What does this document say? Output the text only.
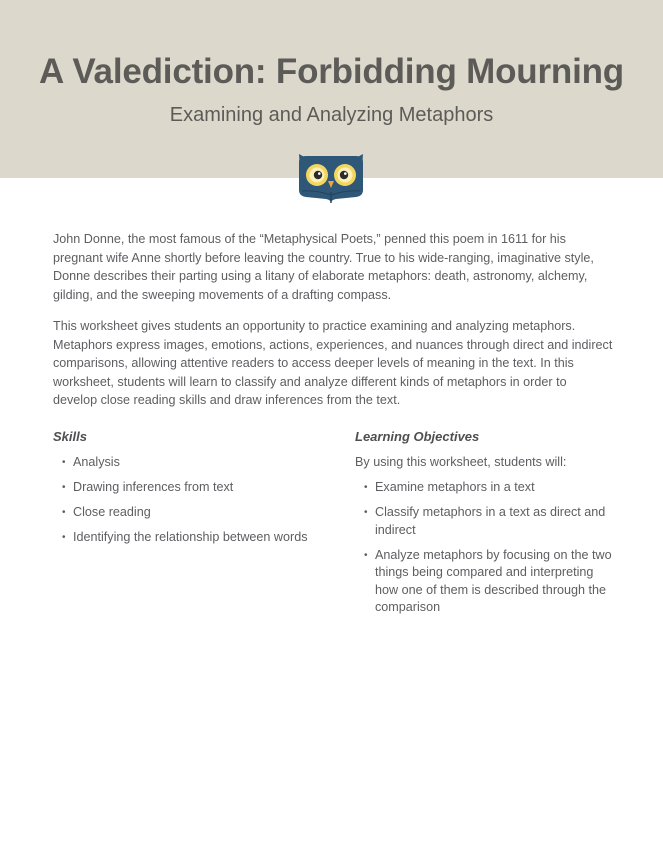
A Valediction: Forbidding Mourning
Examining and Analyzing Metaphors

John Donne, the most famous of the “Metaphysical Poets,” penned this poem in 1611 for his pregnant wife Anne shortly before leaving the country. True to his wide-ranging, imaginative style, Donne describes their parting using a litany of elaborate metaphors: death, astronomy, alchemy, gilding, and the sweeping movements of a drafting compass.

This worksheet gives students an opportunity to practice examining and analyzing metaphors. Metaphors express images, emotions, actions, experiences, and nuances through direct and indirect comparisons, allowing attentive readers to access deeper levels of meaning in the text. In this worksheet, students will learn to classify and analyze different kinds of metaphors in order to develop close reading skills and draw inferences from the text.

Skills
• Analysis
• Drawing inferences from text
• Close reading
• Identifying the relationship between words
Learning Objectives
By using this worksheet, students will:
• Examine metaphors in a text
• Classify metaphors in a text as direct and indirect
• Analyze metaphors by focusing on the two things being compared and interpreting how one of them is described through the comparison
